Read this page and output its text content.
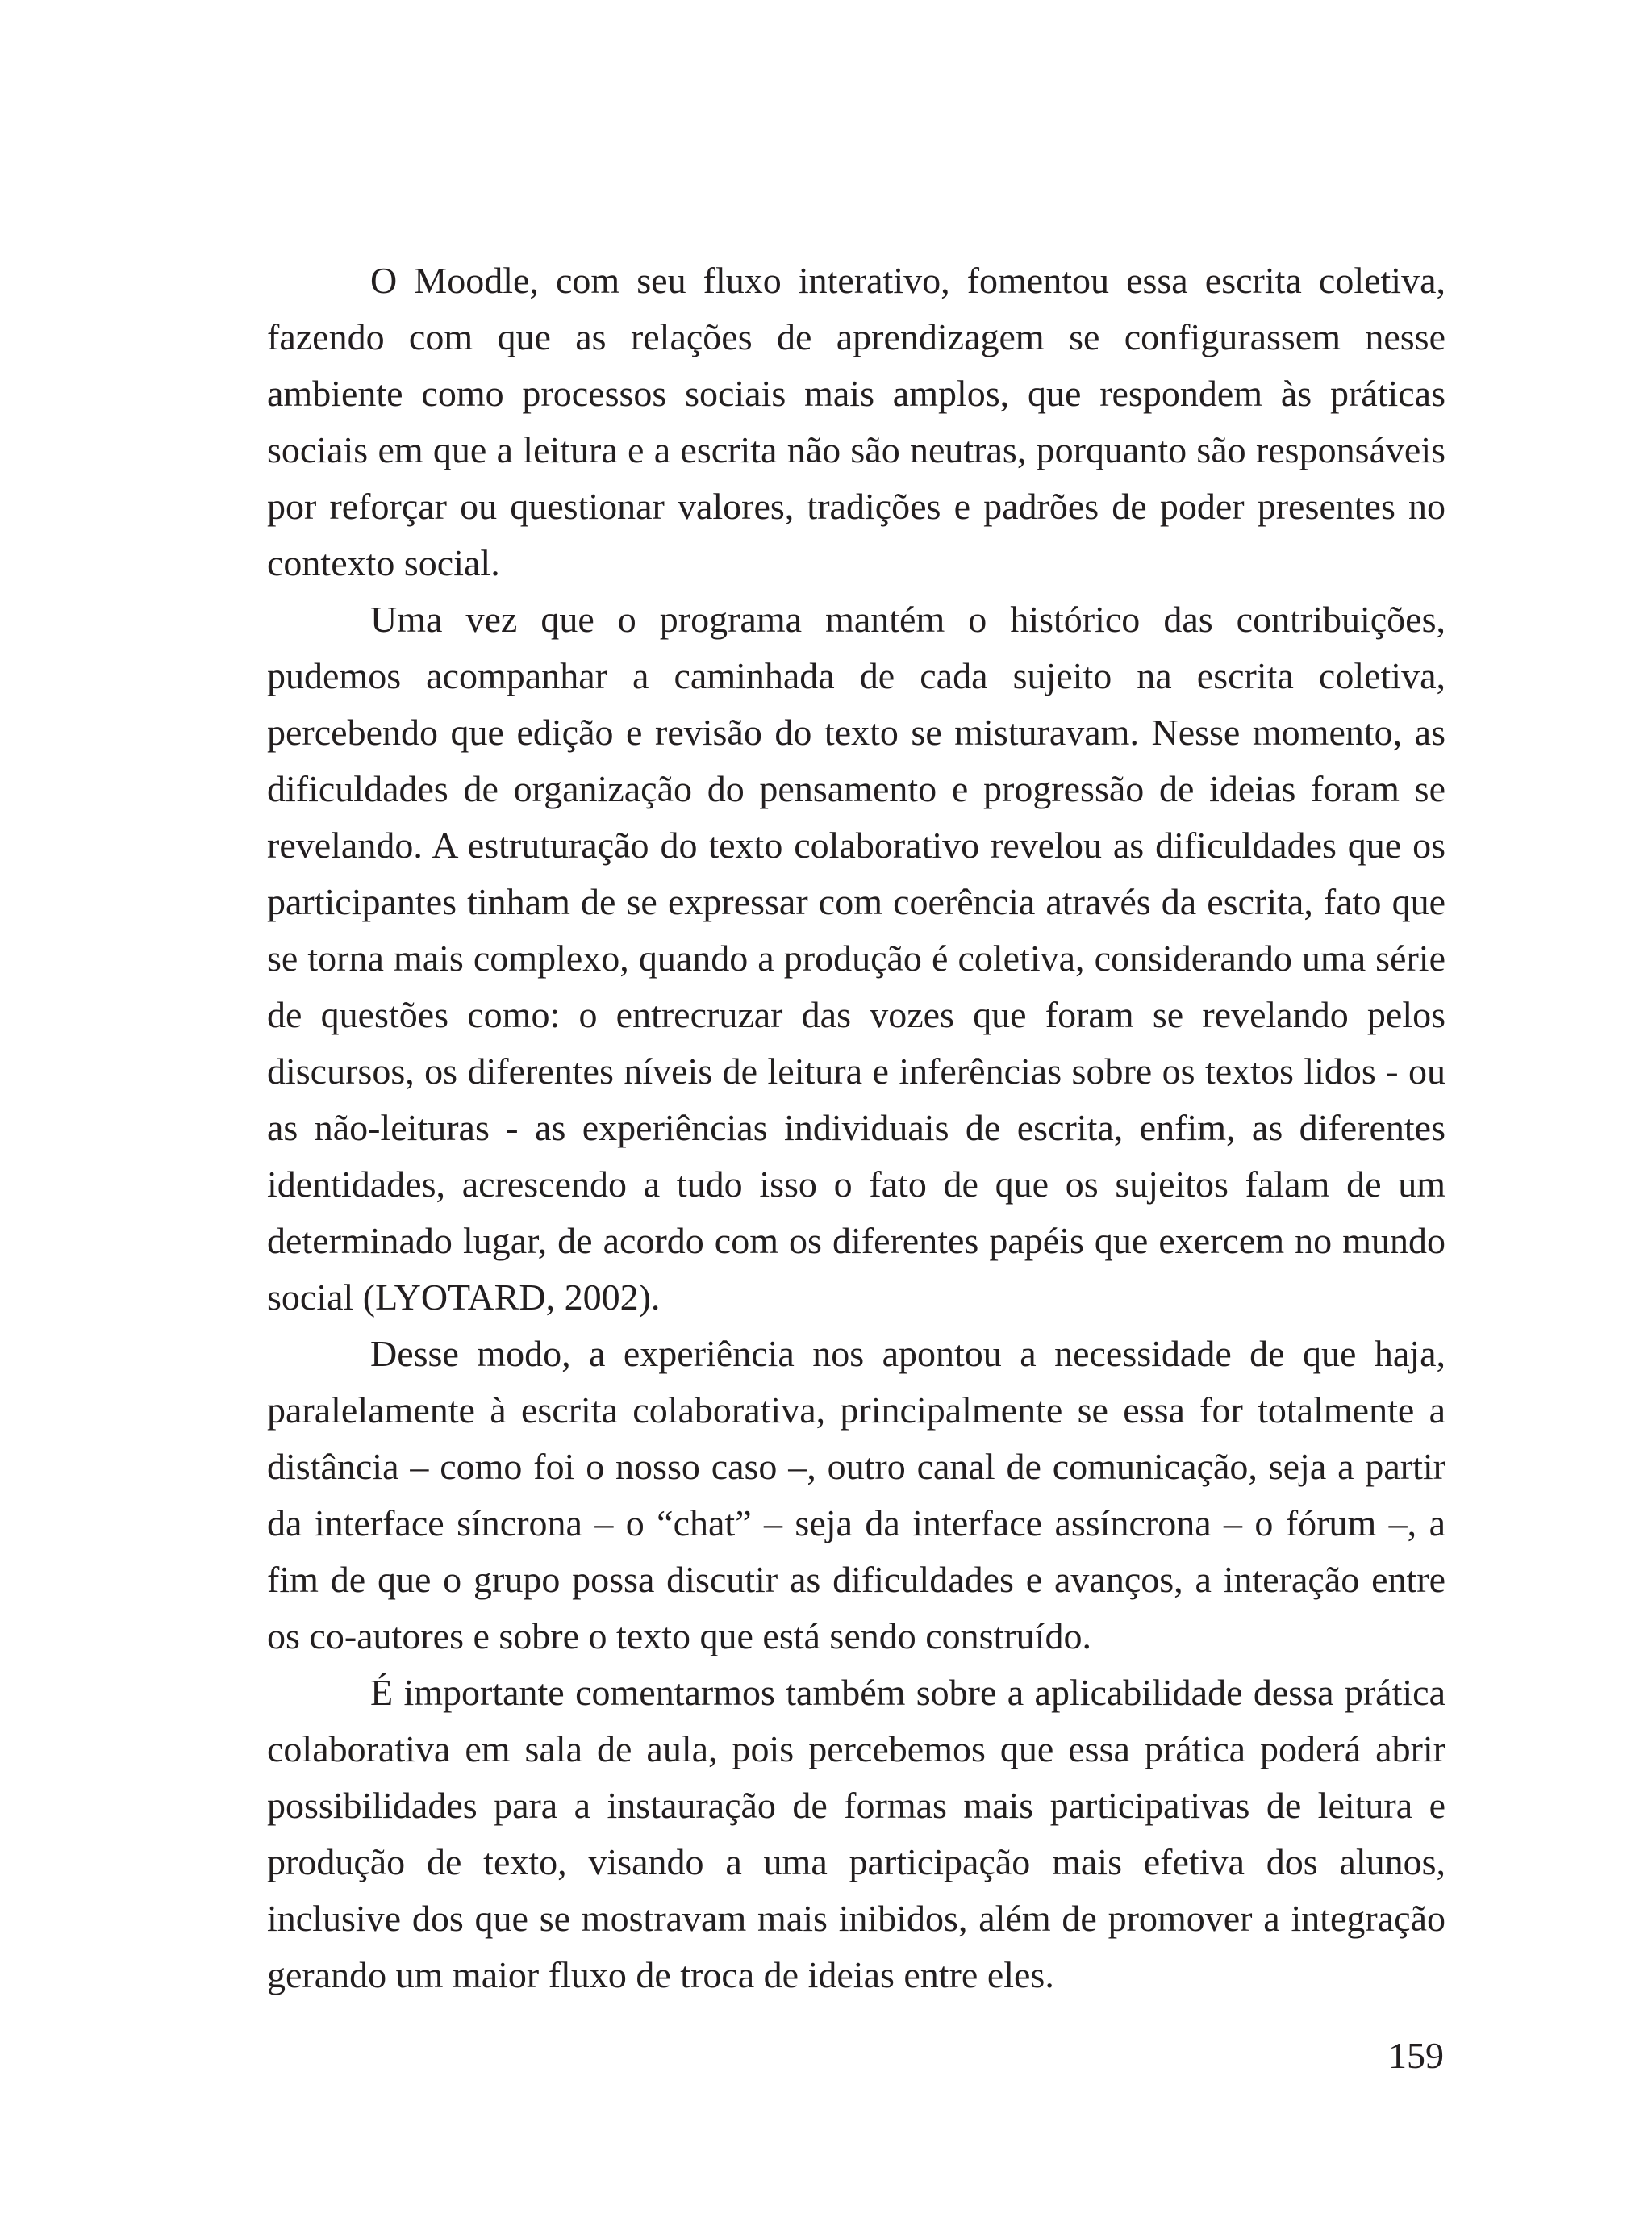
O Moodle, com seu fluxo interativo, fomentou essa escrita coletiva, fazendo com que as relações de aprendizagem se configurassem nesse ambiente como processos sociais mais amplos, que respondem às práticas sociais em que a leitura e a escrita não são neutras, porquanto são responsáveis por reforçar ou questionar valores, tradições e padrões de poder presentes no contexto social.

Uma vez que o programa mantém o histórico das contribuições, pudemos acompanhar a caminhada de cada sujeito na escrita coletiva, percebendo que edição e revisão do texto se misturavam. Nesse momento, as dificuldades de organização do pensamento e progressão de ideias foram se revelando. A estruturação do texto colaborativo revelou as dificuldades que os participantes tinham de se expressar com coerência através da escrita, fato que se torna mais complexo, quando a produção é coletiva, considerando uma série de questões como: o entrecruzar das vozes que foram se revelando pelos discursos, os diferentes níveis de leitura e inferências sobre os textos lidos - ou as não-leituras - as experiências individuais de escrita, enfim, as diferentes identidades, acrescendo a tudo isso o fato de que os sujeitos falam de um determinado lugar, de acordo com os diferentes papéis que exercem no mundo social (LYOTARD, 2002).

Desse modo, a experiência nos apontou a necessidade de que haja, paralelamente à escrita colaborativa, principalmente se essa for totalmente a distância – como foi o nosso caso –, outro canal de comunicação, seja a partir da interface síncrona – o “chat” – seja da interface assíncrona – o fórum –, a fim de que o grupo possa discutir as dificuldades e avanços, a interação entre os co-autores e sobre o texto que está sendo construído.

É importante comentarmos também sobre a aplicabilidade dessa prática colaborativa em sala de aula, pois percebemos que essa prática poderá abrir possibilidades para a instauração de formas mais participativas de leitura e produção de texto, visando a uma participação mais efetiva dos alunos, inclusive dos que se mostravam mais inibidos, além de promover a integração gerando um maior fluxo de troca de ideias entre eles.

159
